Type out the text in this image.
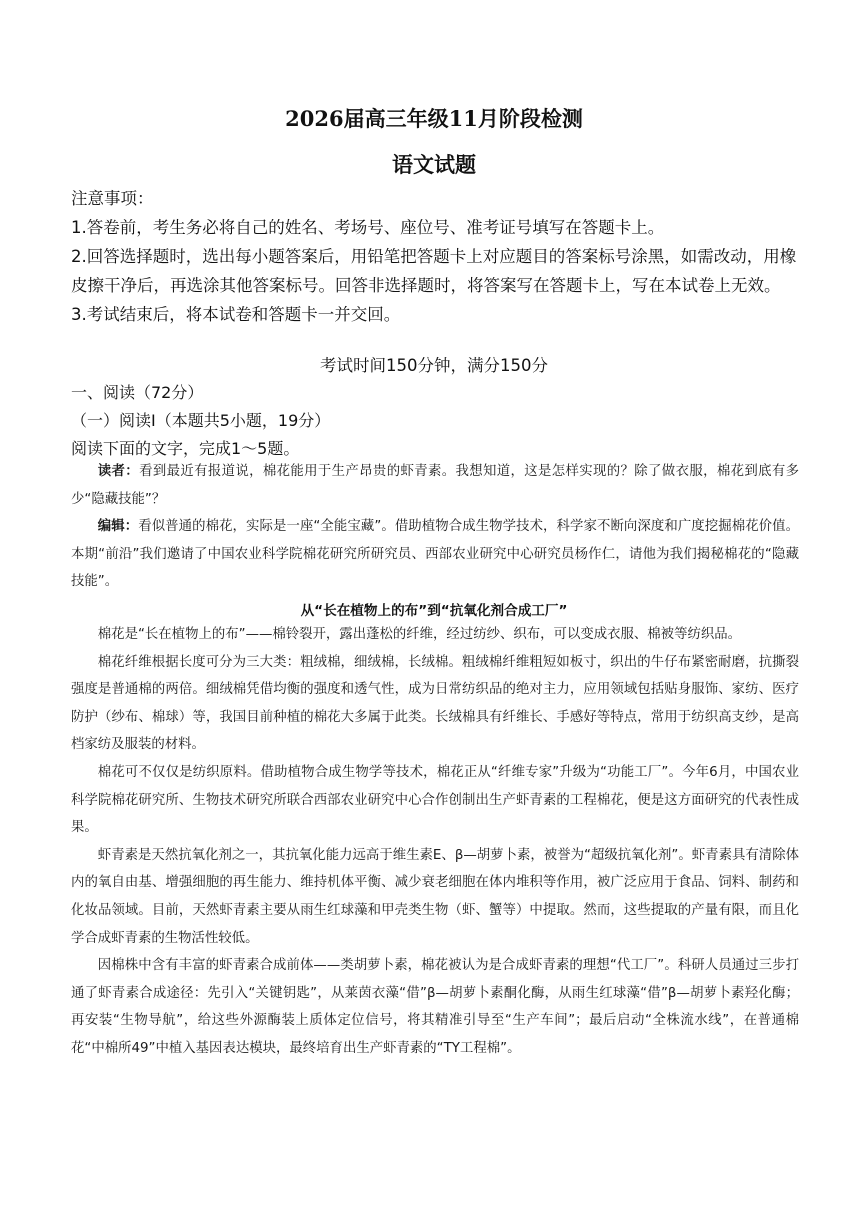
2026届高三年级11月阶段检测
语文试题

注意事项：

1.答卷前，考生务必将自己的姓名、考场号、座位号、准考证号填写在答题卡上。

2.回答选择题时，选出每小题答案后，用铅笔把答题卡上对应题目的答案标号涂黑，如需改动，用橡皮擦干净后，再选涂其他答案标号。回答非选择题时，将答案写在答题卡上，写在本试卷上无效。

3.考试结束后，将本试卷和答题卡一并交回。

考试时间150分钟，满分150分
一、阅读（72分）
（一）阅读Ⅰ（本题共5小题，19分）
阅读下面的文字，完成1～5题。

读者：看到最近有报道说，棉花能用于生产昂贵的虾青素。我想知道，这是怎样实现的？除了做衣服，棉花到底有多少“隐藏技能”？

编辑：看似普通的棉花，实际是一座“全能宝藏”。借助植物合成生物学技术，科学家不断向深度和广度挖掘棉花价值。本期“前沿”我们邀请了中国农业科学院棉花研究所研究员、西部农业研究中心研究员杨作仁，请他为我们揭秘棉花的“隐藏技能”。

从“长在植物上的布”到“抗氧化剂合成工厂”

棉花是“长在植物上的布”——棉铃裂开，露出蓬松的纤维，经过纺纱、织布，可以变成衣服、棉被等纺织品。

棉花纤维根据长度可分为三大类：粗绒棉，细绒棉，长绒棉。粗绒棉纤维粗短如板寸，织出的牛仔布紧密耐磨，抗撕裂强度是普通棉的两倍。细绒棉凭借均衡的强度和透气性，成为日常纺织品的绝对主力，应用领域包括贴身服饰、家纺、医疗防护（纱布、棉球）等，我国目前种植的棉花大多属于此类。长绒棉具有纤维长、手感好等特点，常用于纺织高支纱，是高档家纺及服装的材料。

棉花可不仅仅是纺织原料。借助植物合成生物学等技术，棉花正从“纤维专家”升级为“功能工厂”。今年6月，中国农业科学院棉花研究所、生物技术研究所联合西部农业研究中心合作创制出生产虾青素的工程棉花，便是这方面研究的代表性成果。

虾青素是天然抗氧化剂之一，其抗氧化能力远高于维生素E、β—胡萝卜素，被誉为“超级抗氧化剂”。虾青素具有清除体内的氧自由基、增强细胞的再生能力、维持机体平衡、减少衰老细胞在体内堆积等作用，被广泛应用于食品、饲料、制药和化妆品领域。目前，天然虾青素主要从雨生红球藻和甲壳类生物（虾、蟹等）中提取。然而，这些提取的产量有限，而且化学合成虾青素的生物活性较低。

因棉株中含有丰富的虾青素合成前体——类胡萝卜素，棉花被认为是合成虾青素的理想“代工厂”。科研人员通过三步打通了虾青素合成途径：先引入“关键钥匙”，从莱茵衣藻“借”β—胡萝卜素酮化酶，从雨生红球藻“借”β—胡萝卜素羟化酶；再安装“生物导航”，给这些外源酶装上质体定位信号，将其精准引导至“生产车间”；最后启动“全株流水线”，在普通棉花“中棉所49”中植入基因表达模块，最终培育出生产虾青素的“TY工程棉”。
